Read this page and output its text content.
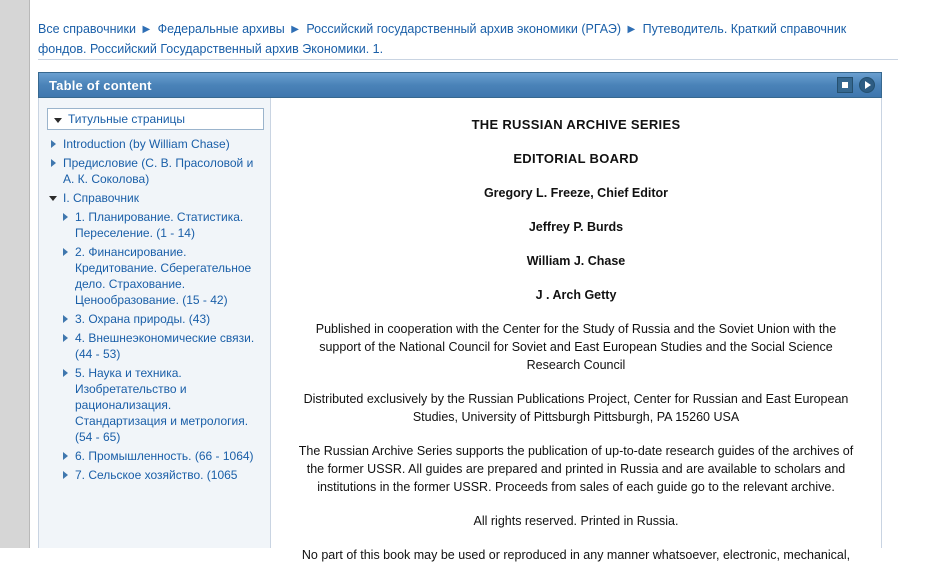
Все справочники ▶ Федеральные архивы ▶ Российский государственный архив экономики (РГАЭ) ▶ Путеводитель. Краткий справочник фондов. Российский Государственный архив Экономики. 1.
Table of content
Титульные страницы
Introduction (by William Chase)
Предисловие (С. В. Прасоловой и А. К. Соколова)
I. Справочник
1. Планирование. Статистика. Переселение. (1 - 14)
2. Финансирование. Кредитование. Сберегательное дело. Страхование. Ценообразование. (15 - 42)
3. Охрана природы. (43)
4. Внешнеэкономические связи. (44 - 53)
5. Наука и техника. Изобретательство и рационализация. Стандартизация и метрология. (54 - 65)
6. Промышленность. (66 - 1064)
7. Сельское хозяйство. (1065

THE RUSSIAN ARCHIVE SERIES

EDITORIAL BOARD

Gregory L. Freeze, Chief Editor

Jeffrey P. Burds

William J. Chase

J . Arch Getty

Published in cooperation with the Center for the Study of Russia and the Soviet Union with the support of the National Council for Soviet and East European Studies and the Social Science Research Council

Distributed exclusively by the Russian Publications Project, Center for Russian and East European Studies, University of Pittsburgh Pittsburgh, PA 15260 USA

The Russian Archive Series supports the publication of up-to-date research guides of the archives of the former USSR. All guides are prepared and printed in Russia and are available to scholars and institutions in the former USSR. Proceeds from sales of each guide go to the relevant archive.

All rights reserved. Printed in Russia.

No part of this book may be used or reproduced in any manner whatsoever, electronic, mechanical,
